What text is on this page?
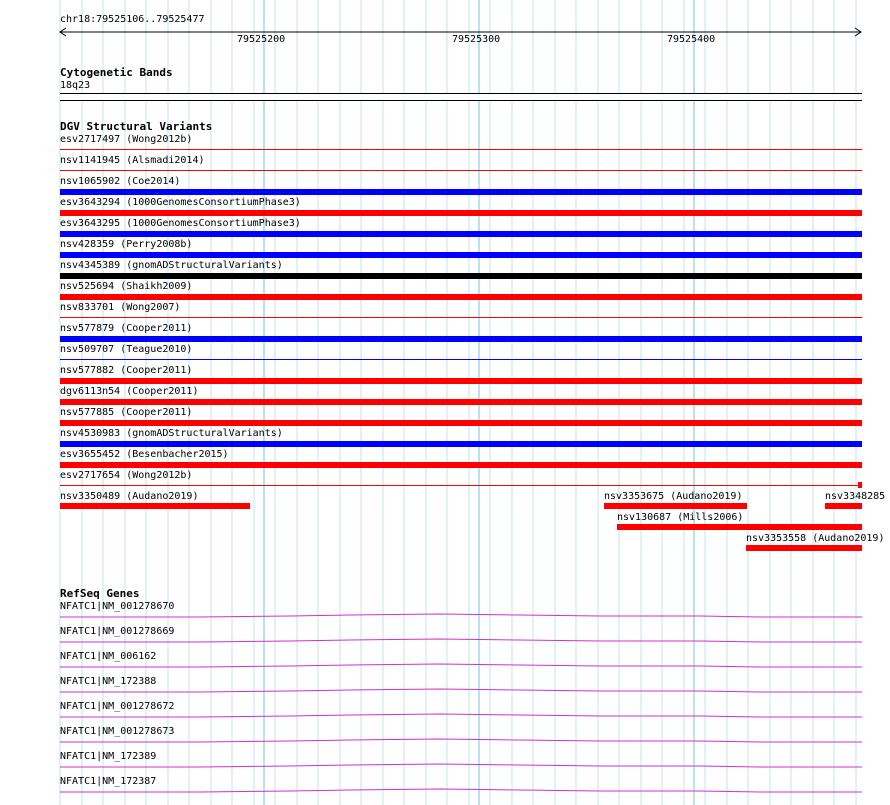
chr18:79525106..79525477
79525200	79525300	79525400
Cytogenetic Bands
18q23
DGV Structural Variants
esv2717497 (Wong2012b)
nsv1141945 (Alsmadi2014)
nsv1065902 (Coe2014)
esv3643294 (1000GenomesConsortiumPhase3)
esv3643295 (1000GenomesConsortiumPhase3)
nsv428359 (Perry2008b)
nsv4345389 (gnomADStructuralVariants)
nsv525694 (Shaikh2009)
nsv833701 (Wong2007)
nsv577879 (Cooper2011)
nsv509707 (Teague2010)
nsv577882 (Cooper2011)
dgv6113n54 (Cooper2011)
nsv577885 (Cooper2011)
nsv4530983 (gnomADStructuralVariants)
esv3655452 (Besenbacher2015)
esv2717654 (Wong2012b)
nsv3350489 (Audano2019)	nsv3353675 (Audano2019)	nsv3348285
nsv130687 (Mills2006)
nsv3353558 (Audano2019)
RefSeq Genes
NFATC1|NM_001278670
NFATC1|NM_001278669
NFATC1|NM_006162
NFATC1|NM_172388
NFATC1|NM_001278672
NFATC1|NM_001278673
NFATC1|NM_172389
NFATC1|NM_172387
